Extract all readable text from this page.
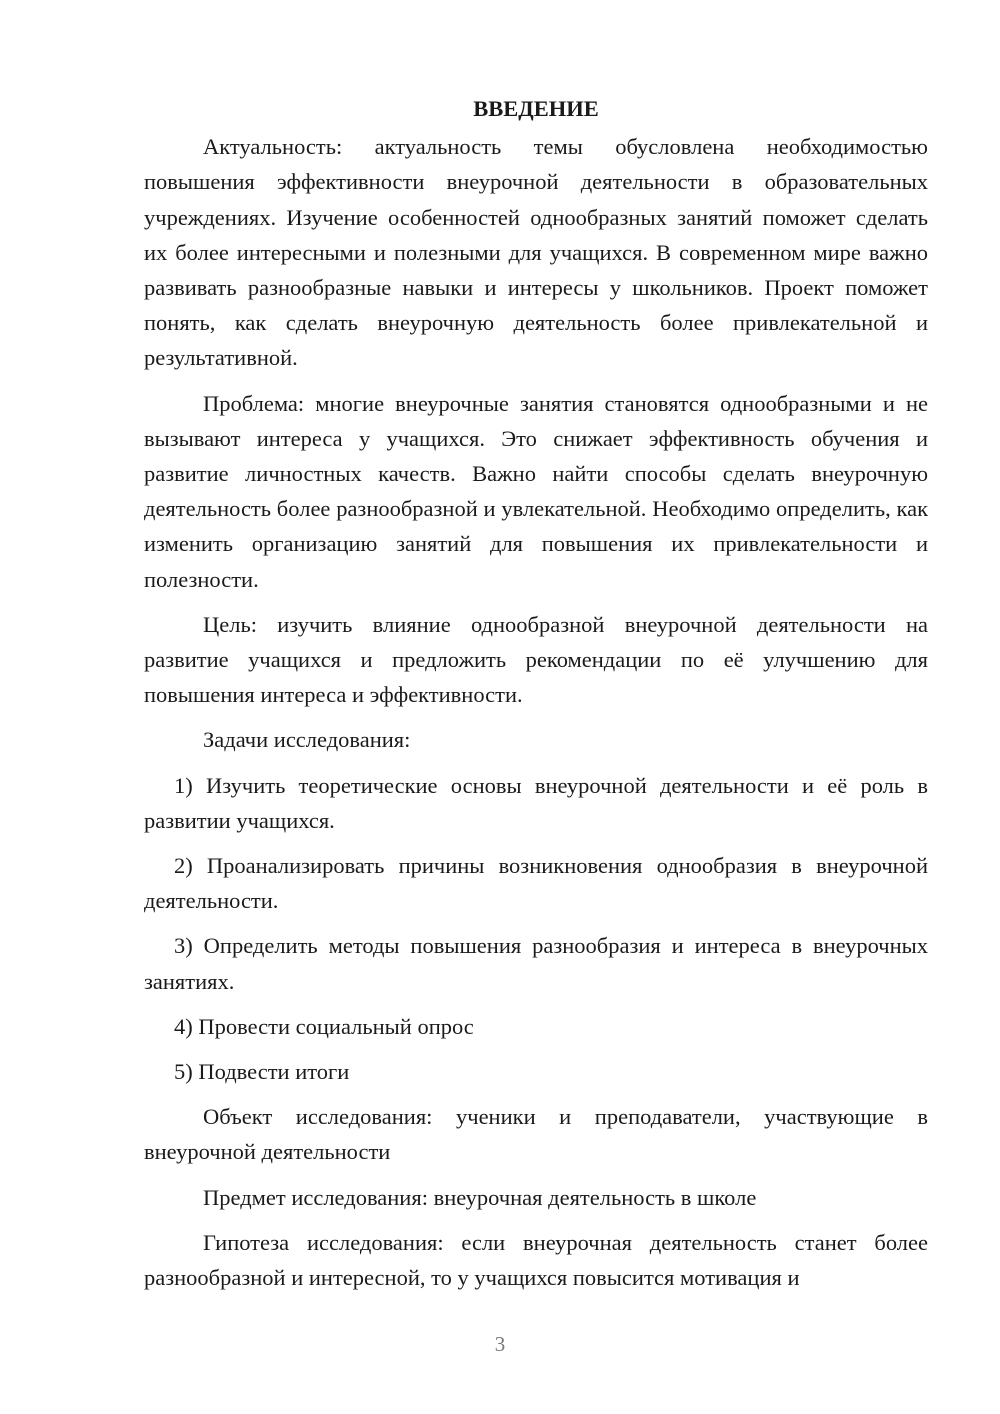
ВВЕДЕНИЕ

Актуальность: актуальность темы обусловлена необходимостью повышения эффективности внеурочной деятельности в образовательных учреждениях. Изучение особенностей однообразных занятий поможет сделать их более интересными и полезными для учащихся. В современном мире важно развивать разнообразные навыки и интересы у школьников. Проект поможет понять, как сделать внеурочную деятельность более привлекательной и результативной.

Проблема: многие внеурочные занятия становятся однообразными и не вызывают интереса у учащихся. Это снижает эффективность обучения и развитие личностных качеств. Важно найти способы сделать внеурочную деятельность более разнообразной и увлекательной. Необходимо определить, как изменить организацию занятий для повышения их привлекательности и полезности.

Цель: изучить влияние однообразной внеурочной деятельности на развитие учащихся и предложить рекомендации по её улучшению для повышения интереса и эффективности.

Задачи исследования:

1) Изучить теоретические основы внеурочной деятельности и её роль в развитии учащихся.

2) Проанализировать причины возникновения однообразия в внеурочной деятельности.

3) Определить методы повышения разнообразия и интереса в внеурочных занятиях.

4) Провести социальный опрос

5) Подвести итоги

Объект исследования: ученики и преподаватели, участвующие в внеурочной деятельности

Предмет исследования: внеурочная деятельность в школе

Гипотеза исследования: если внеурочная деятельность станет более разнообразной и интересной, то у учащихся повысится мотивация и

3
